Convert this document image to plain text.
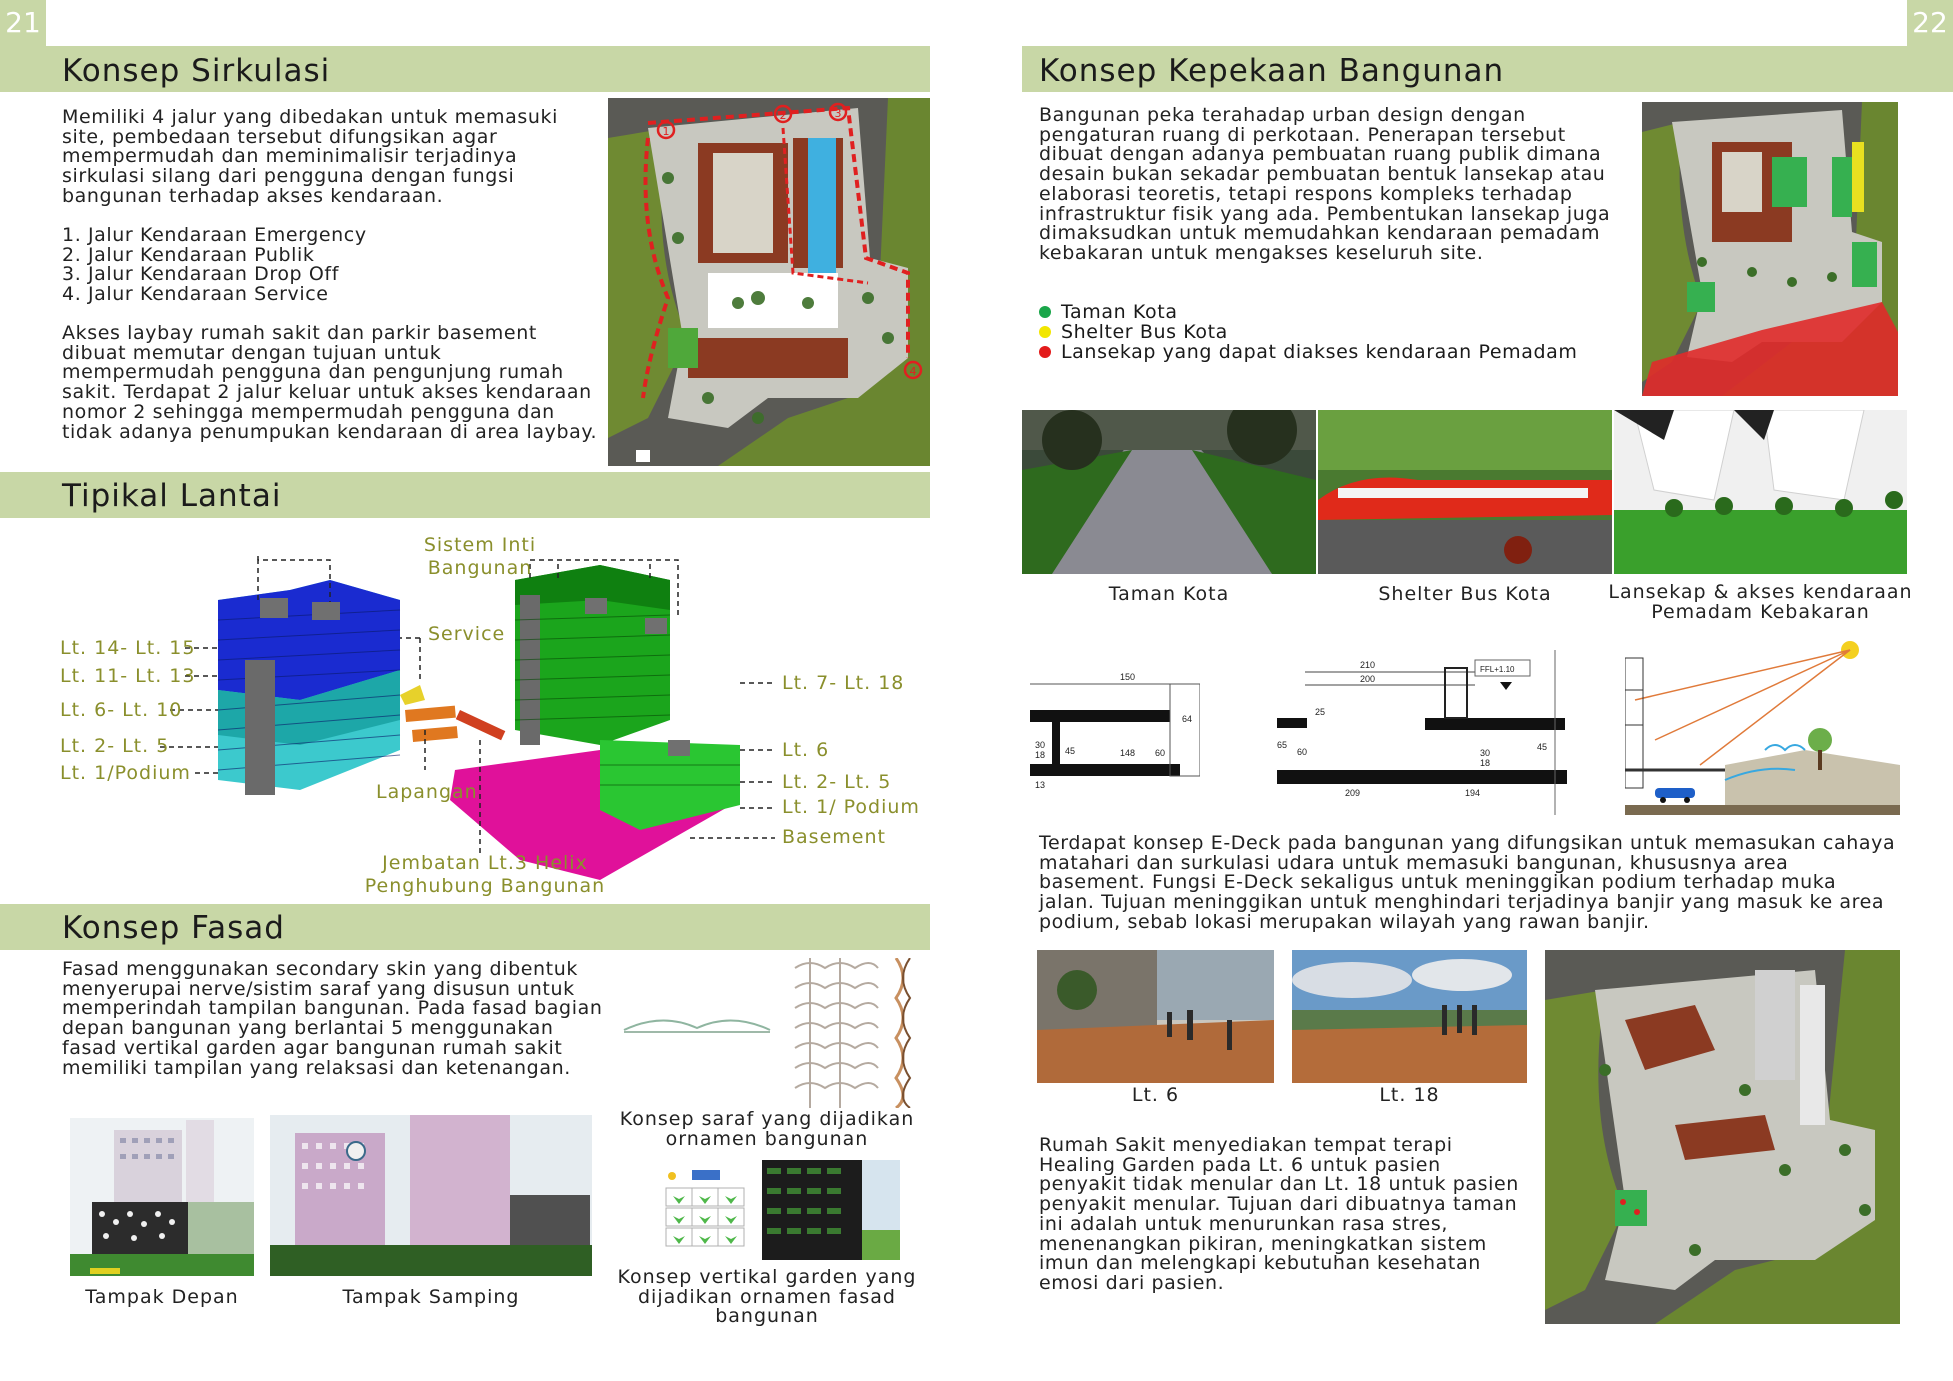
21
Konsep Sirkulasi
Memiliki 4 jalur yang dibedakan untuk memasuki
site, pembedaan tersebut difungsikan agar
mempermudah dan meminimalisir terjadinya
sirkulasi silang dari pengguna dengan fungsi
bangunan terhadap akses kendaraan.
1. Jalur Kendaraan Emergency
2. Jalur Kendaraan Publik
3. Jalur Kendaraan Drop Off
4. Jalur Kendaraan Service
Akses laybay rumah sakit dan parkir basement
dibuat memutar dengan tujuan untuk
mempermudah pengguna dan pengunjung rumah
sakit. Terdapat 2 jalur keluar untuk akses kendaraan
nomor 2 sehingga mempermudah pengguna dan
tidak adanya penumpukan kendaraan di area laybay.
1
2	3
4
Tipikal Lantai
Sistem Inti
Bangunan
Service
Lt. 14- Lt. 15
Lt. 11- Lt. 13
Lt. 6- Lt. 10
Lt. 2- Lt. 5
Lt. 1/Podium
Lapangan
Jembatan Lt.3 Helix
Penghubung Bangunan
Lt. 7- Lt. 18
Lt. 6
Lt. 2- Lt. 5
Lt. 1/ Podium
Basement
Konsep Fasad
Fasad menggunakan secondary skin yang dibentuk
menyerupai nerve/sistim saraf yang disusun untuk
memperindah tampilan bangunan. Pada fasad bagian
depan bangunan yang berlantai 5 menggunakan
fasad vertikal garden agar bangunan rumah sakit
memiliki tampilan yang relaksasi dan ketenangan.
Konsep saraf yang dijadikan
ornamen bangunan
Konsep vertikal garden yang
dijadikan ornamen fasad
bangunan
Tampak Depan	Tampak Samping
22
Konsep Kepekaan Bangunan
Bangunan peka terahadap urban design dengan
pengaturan ruang di perkotaan. Penerapan tersebut
dibuat dengan adanya pembuatan ruang publik dimana
desain bukan sekadar pembuatan bentuk lansekap atau
elaborasi teoretis, tetapi respons kompleks terhadap
infrastruktur fisik yang ada. Pembentukan lansekap juga
dimaksudkan untuk memudahkan kendaraan pemadam
kebakaran untuk mengakses keseluruh site.
Taman Kota
Shelter Bus Kota
Lansekap yang dapat diakses kendaraan Pemadam
Taman Kota	Shelter Bus Kota	Lansekap & akses kendaraan
Pemadam Kebakaran
150
148
45
30
18
13
60
64
210
200
25
209	194
30
18
45
65
60
FFL+1.10
Terdapat konsep E-Deck pada bangunan yang difungsikan untuk memasukan cahaya
matahari dan surkulasi udara untuk memasuki bangunan, khususnya area
basement. Fungsi E-Deck sekaligus untuk meninggikan podium terhadap muka
jalan. Tujuan meninggikan untuk menghindari terjadinya banjir yang masuk ke area
podium, sebab lokasi merupakan wilayah yang rawan banjir.
Lt. 6	Lt. 18
Rumah Sakit menyediakan tempat terapi
Healing Garden pada Lt. 6 untuk pasien
penyakit tidak menular dan Lt. 18 untuk pasien
penyakit menular. Tujuan dari dibuatnya taman
ini adalah untuk menurunkan rasa stres,
menenangkan pikiran, meningkatkan sistem
imun dan melengkapi kebutuhan kesehatan
emosi dari pasien.
